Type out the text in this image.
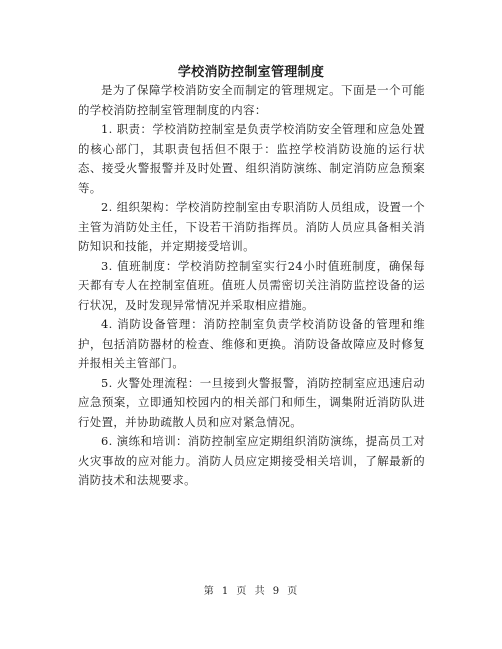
学校消防控制室管理制度

是为了保障学校消防安全而制定的管理规定。下面是一个可能的学校消防控制室管理制度的内容：

1. 职责：学校消防控制室是负责学校消防安全管理和应急处置的核心部门，其职责包括但不限于：监控学校消防设施的运行状态、接受火警报警并及时处置、组织消防演练、制定消防应急预案等。

2. 组织架构：学校消防控制室由专职消防人员组成，设置一个主管为消防处主任，下设若干消防指挥员。消防人员应具备相关消防知识和技能，并定期接受培训。

3. 值班制度：学校消防控制室实行24小时值班制度，确保每天都有专人在控制室值班。值班人员需密切关注消防监控设备的运行状况，及时发现异常情况并采取相应措施。

4. 消防设备管理：消防控制室负责学校消防设备的管理和维护，包括消防器材的检查、维修和更换。消防设备故障应及时修复并报相关主管部门。

5. 火警处理流程：一旦接到火警报警，消防控制室应迅速启动应急预案，立即通知校园内的相关部门和师生，调集附近消防队进行处置，并协助疏散人员和应对紧急情况。

6. 演练和培训：消防控制室应定期组织消防演练，提高员工对火灾事故的应对能力。消防人员应定期接受相关培训，了解最新的消防技术和法规要求。

第 1 页 共 9 页
